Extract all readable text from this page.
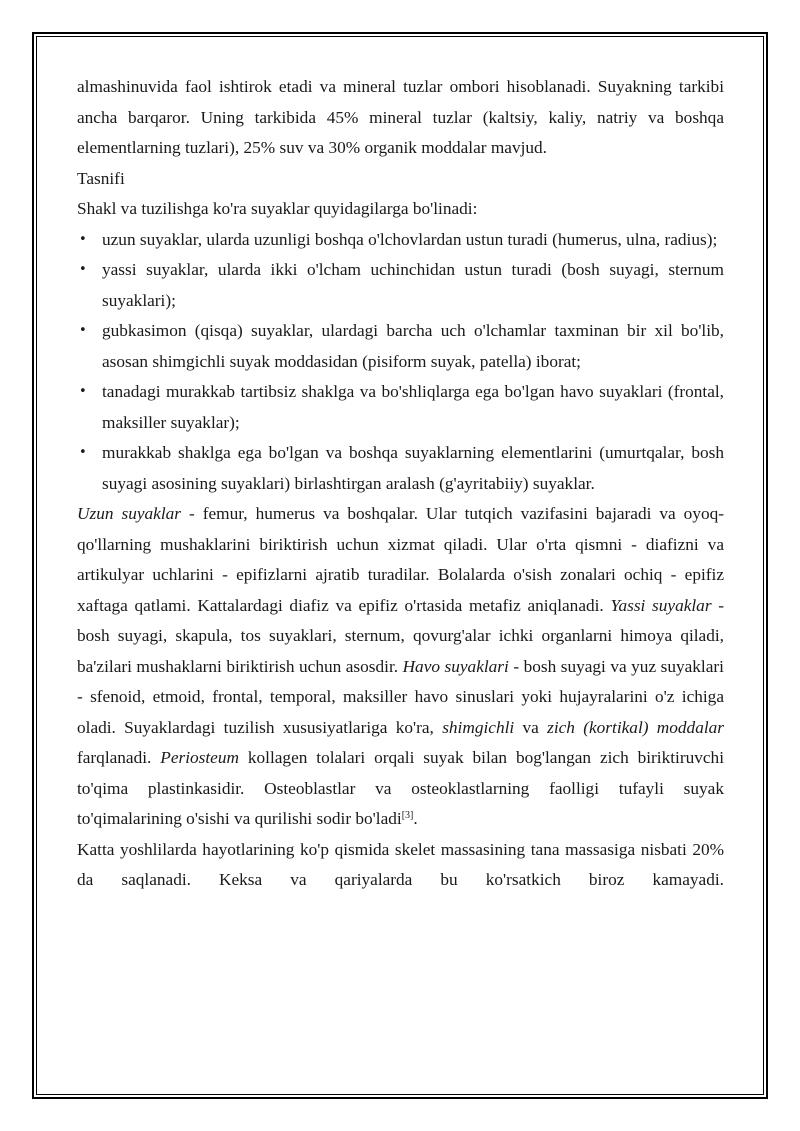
almashinuvida faol ishtirok etadi va mineral tuzlar ombori hisoblanadi. Suyakning tarkibi ancha barqaror. Uning tarkibida 45% mineral tuzlar (kaltsiy, kaliy, natriy va boshqa elementlarning tuzlari), 25% suv va 30% organik moddalar mavjud.

Tasnifi

Shakl va tuzilishga ko'ra suyaklar quyidagilarga bo'linadi:

• uzun suyaklar, ularda uzunligi boshqa o'lchovlardan ustun turadi (humerus, ulna, radius);
• yassi suyaklar, ularda ikki o'lcham uchinchidan ustun turadi (bosh suyagi, sternum suyaklari);
• gubkasimon (qisqa) suyaklar, ulardagi barcha uch o'lchamlar taxminan bir xil bo'lib, asosan shimgichli suyak moddasidan (pisiform suyak, patella) iborat;
• tanadagi murakkab tartibsiz shaklga va bo'shliqlarga ega bo'lgan havo suyaklari (frontal, maksiller suyaklar);
• murakkab shaklga ega bo'lgan va boshqa suyaklarning elementlarini (umurtqalar, bosh suyagi asosining suyaklari) birlashtirgan aralash (g'ayritabiiy) suyaklar.

Uzun suyaklar - femur, humerus va boshqalar. Ular tutqich vazifasini bajaradi va oyoq-qo'llarning mushaklarini biriktirish uchun xizmat qiladi. Ular o'rta qismni - diafizni va artikulyar uchlarini - epifizlarni ajratib turadilar. Bolalarda o'sish zonalari ochiq - epifiz xaftaga qatlami. Kattalardagi diafiz va epifiz o'rtasida metafiz aniqlanadi. Yassi suyaklar - bosh suyagi, skapula, tos suyaklari, sternum, qovurg'alar ichki organlarni himoya qiladi, ba'zilari mushaklarni biriktirish uchun asosdir. Havo suyaklari - bosh suyagi va yuz suyaklari - sfenoid, etmoid, frontal, temporal, maksiller havo sinuslari yoki hujayralarini o'z ichiga oladi. Suyaklardagi tuzilish xususiyatlariga ko'ra, shimgichli va zich (kortikal) moddalar farqlanadi. Periosteum kollagen tolalari orqali suyak bilan bog'langan zich biriktiruvchi to'qima plastinkasidir. Osteoblastlar va osteoklastlarning faolligi tufayli suyak to'qimalarining o'sishi va qurilishi sodir bo'ladi[3].

Katta yoshlilarda hayotlarining ko'p qismida skelet massasining tana massasiga nisbati 20% da saqlanadi. Keksa va qariyalarda bu ko'rsatkich biroz kamayadi.
